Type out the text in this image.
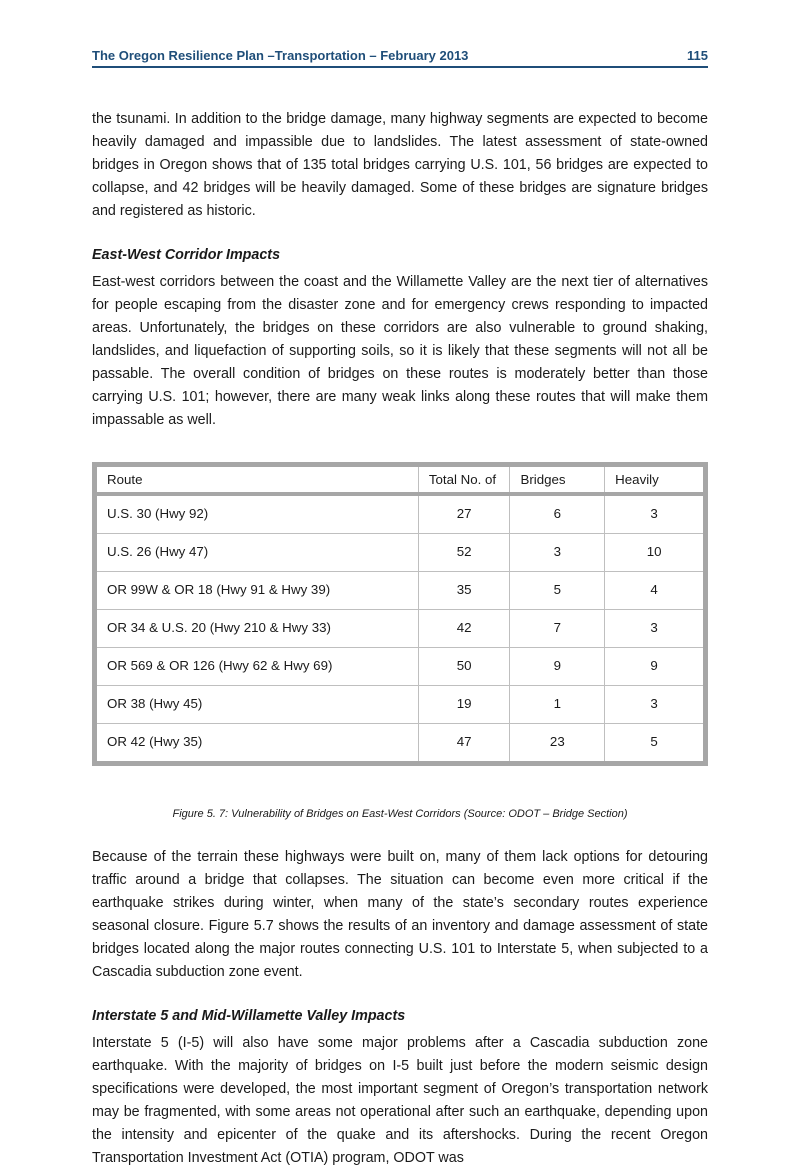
The Oregon Resilience Plan –Transportation – February 2013	115

the tsunami. In addition to the bridge damage, many highway segments are expected to become heavily damaged and impassible due to landslides. The latest assessment of state-owned bridges in Oregon shows that of 135 total bridges carrying U.S. 101, 56 bridges are expected to collapse, and 42 bridges will be heavily damaged. Some of these bridges are signature bridges and registered as historic.

East-West Corridor Impacts

East-west corridors between the coast and the Willamette Valley are the next tier of alternatives for people escaping from the disaster zone and for emergency crews responding to impacted areas. Unfortunately, the bridges on these corridors are also vulnerable to ground shaking, landslides, and liquefaction of supporting soils, so it is likely that these segments will not all be passable. The overall condition of bridges on these routes is moderately better than those carrying U.S. 101; however, there are many weak links along these routes that will make them impassable as well.

Route	Total No. of	Bridges	Heavily
U.S. 30 (Hwy 92)	27	6	3
U.S. 26 (Hwy 47)	52	3	10
OR 99W & OR 18 (Hwy 91 & Hwy 39)	35	5	4
OR 34 & U.S. 20 (Hwy 210 & Hwy 33)	42	7	3
OR 569 & OR 126 (Hwy 62 & Hwy 69)	50	9	9
OR 38 (Hwy 45)	19	1	3
OR 42 (Hwy 35)	47	23	5
Figure 5. 7: Vulnerability of Bridges on East-West Corridors (Source: ODOT – Bridge Section)

Because of the terrain these highways were built on, many of them lack options for detouring traffic around a bridge that collapses. The situation can become even more critical if the earthquake strikes during winter, when many of the state’s secondary routes experience seasonal closure. Figure 5.7 shows the results of an inventory and damage assessment of state bridges located along the major routes connecting U.S. 101 to Interstate 5, when subjected to a Cascadia subduction zone event.

Interstate 5 and Mid-Willamette Valley Impacts

Interstate 5 (I-5) will also have some major problems after a Cascadia subduction zone earthquake. With the majority of bridges on I-5 built just before the modern seismic design specifications were developed, the most important segment of Oregon’s transportation network may be fragmented, with some areas not operational after such an earthquake, depending upon the intensity and epicenter of the quake and its aftershocks. During the recent Oregon Transportation Investment Act (OTIA) program, ODOT was
